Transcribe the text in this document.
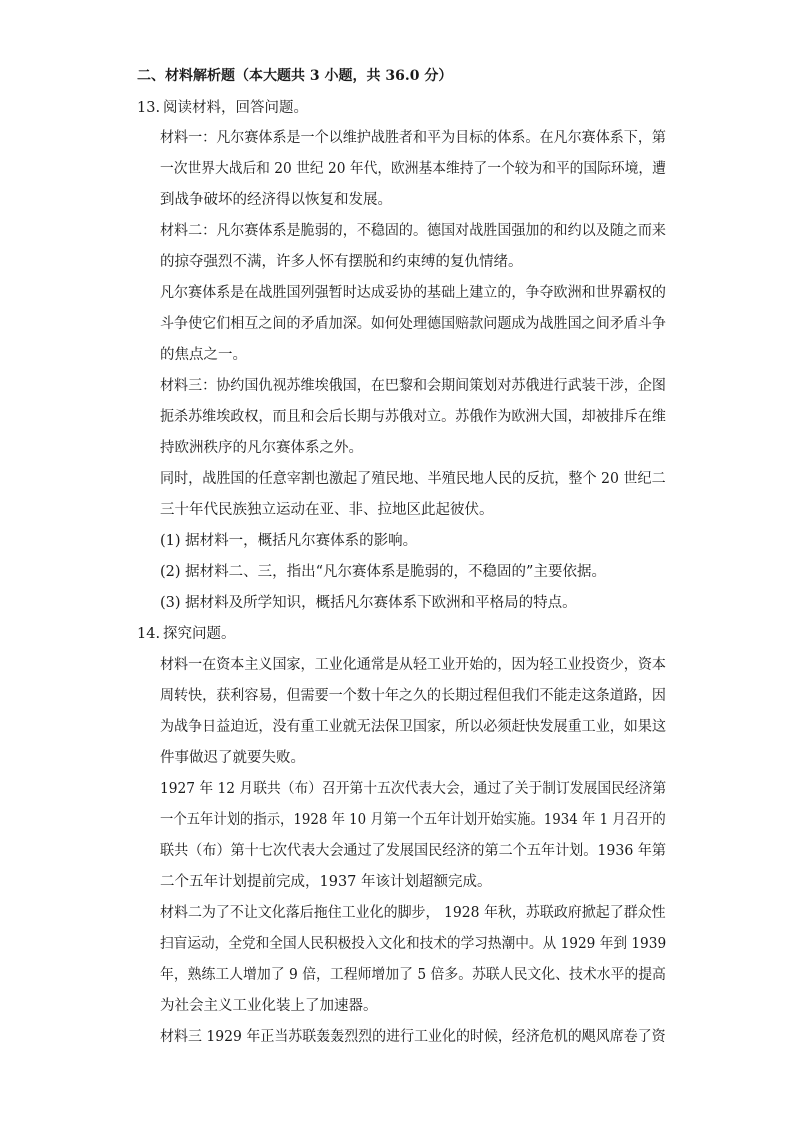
二、材料解析题（本大题共 3 小题，共 36.0 分）
13. 阅读材料，回答问题。
材料一：凡尔赛体系是一个以维护战胜者和平为目标的体系。在凡尔赛体系下，第
一次世界大战后和 20 世纪 20 年代，欧洲基本维持了一个较为和平的国际环境，遭
到战争破坏的经济得以恢复和发展。
材料二：凡尔赛体系是脆弱的，不稳固的。德国对战胜国强加的和约以及随之而来
的掠夺强烈不满，许多人怀有摆脱和约束缚的复仇情绪。
凡尔赛体系是在战胜国列强暂时达成妥协的基础上建立的，争夺欧洲和世界霸权的
斗争使它们相互之间的矛盾加深。如何处理德国赔款问题成为战胜国之间矛盾斗争
的焦点之一。
材料三：协约国仇视苏维埃俄国，在巴黎和会期间策划对苏俄进行武装干涉，企图
扼杀苏维埃政权，而且和会后长期与苏俄对立。苏俄作为欧洲大国，却被排斥在维
持欧洲秩序的凡尔赛体系之外。
同时，战胜国的任意宰割也激起了殖民地、半殖民地人民的反抗，整个 20 世纪二
三十年代民族独立运动在亚、非、拉地区此起彼伏。
(1) 据材料一，概括凡尔赛体系的影响。
(2) 据材料二、三，指出“凡尔赛体系是脆弱的，不稳固的”主要依据。
(3) 据材料及所学知识，概括凡尔赛体系下欧洲和平格局的特点。
14. 探究问题。
材料一在资本主义国家，工业化通常是从轻工业开始的，因为轻工业投资少，资本
周转快，获利容易，但需要一个数十年之久的长期过程但我们不能走这条道路，因
为战争日益迫近，没有重工业就无法保卫国家，所以必须赶快发展重工业，如果这
件事做迟了就要失败。
1927 年 12 月联共（布）召开第十五次代表大会，通过了关于制订发展国民经济第
一个五年计划的指示，1928 年 10 月第一个五年计划开始实施。1934 年 1 月召开的
联共（布）第十七次代表大会通过了发展国民经济的第二个五年计划。1936 年第
二个五年计划提前完成，1937 年该计划超额完成。
材料二为了不让文化落后拖住工业化的脚步， 1928 年秋，苏联政府掀起了群众性
扫盲运动，全党和全国人民积极投入文化和技术的学习热潮中。从 1929 年到 1939
年，熟练工人增加了 9 倍，工程师增加了 5 倍多。苏联人民文化、技术水平的提高
为社会主义工业化装上了加速器。
材料三 1929 年正当苏联轰轰烈烈的进行工业化的时候，经济危机的飓风席卷了资
